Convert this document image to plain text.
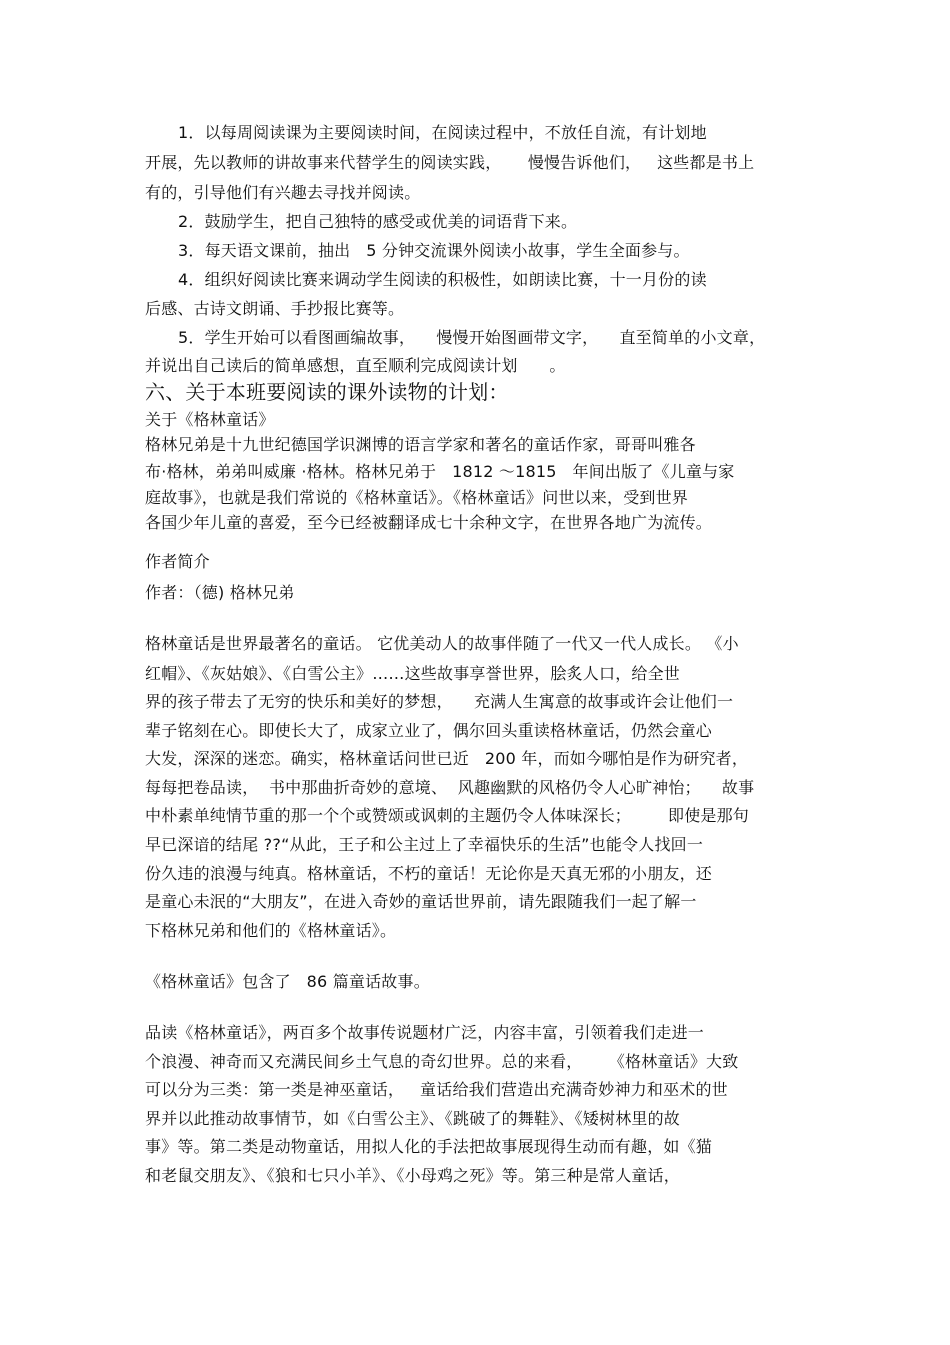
1．以每周阅读课为主要阅读时间，在阅读过程中，不放任自流，有计划地
开展，先以教师的讲故事来代替学生的阅读实践，     慢慢告诉他们，   这些都是书上
有的，引导他们有兴趣去寻找并阅读。
2．鼓励学生，把自己独特的感受或优美的词语背下来。
3．每天语文课前，抽出   5 分钟交流课外阅读小故事，学生全面参与。
4．组织好阅读比赛来调动学生阅读的积极性，如朗读比赛，十一月份的读
后感、古诗文朗诵、手抄报比赛等。
5．学生开始可以看图画编故事，    慢慢开始图画带文字，    直至简单的小文章，
并说出自己读后的简单感想，直至顺利完成阅读计划      。
六、关于本班要阅读的课外读物的计划：
关于《格林童话》
格林兄弟是十九世纪德国学识渊博的语言学家和著名的童话作家，哥哥叫雅各
布·格林，弟弟叫威廉 ·格林。格林兄弟于   1812 ～1815   年间出版了《儿童与家
庭故事》，也就是我们常说的《格林童话》。《格林童话》问世以来，受到世界
各国少年儿童的喜爱，至今已经被翻译成七十余种文字，在世界各地广为流传。
作者简介
作者：（德) 格林兄弟
格林童话是世界最著名的童话。 它优美动人的故事伴随了一代又一代人成长。 《小
红帽》、《灰姑娘》、《白雪公主》……这些故事享誉世界，脍炙人口，给全世
界的孩子带去了无穷的快乐和美好的梦想，    充满人生寓意的故事或许会让他们一
辈子铭刻在心。即使长大了，成家立业了，偶尔回头重读格林童话，仍然会童心
大发，深深的迷恋。确实，格林童话问世已近   200 年，而如今哪怕是作为研究者，
每每把卷品读，  书中那曲折奇妙的意境、  风趣幽默的风格仍令人心旷神怡；    故事
中朴素单纯情节重的那一个个或赞颂或讽刺的主题仍令人体味深长；       即使是那句
早已深谙的结尾 ??“从此，王子和公主过上了幸福快乐的生活”也能令人找回一
份久违的浪漫与纯真。格林童话，不朽的童话！无论你是天真无邪的小朋友，还
是童心未泯的“大朋友”，在进入奇妙的童话世界前，请先跟随我们一起了解一
下格林兄弟和他们的《格林童话》。
《格林童话》包含了   86 篇童话故事。
品读《格林童话》，两百多个故事传说题材广泛，内容丰富，引领着我们走进一
个浪漫、神奇而又充满民间乡土气息的奇幻世界。总的来看，     《格林童话》大致
可以分为三类：第一类是神巫童话，   童话给我们营造出充满奇妙神力和巫术的世
界并以此推动故事情节，如《白雪公主》、《跳破了的舞鞋》、《矮树林里的故
事》等。第二类是动物童话，用拟人化的手法把故事展现得生动而有趣，如《猫
和老鼠交朋友》、《狼和七只小羊》、《小母鸡之死》等。第三种是常人童话，
